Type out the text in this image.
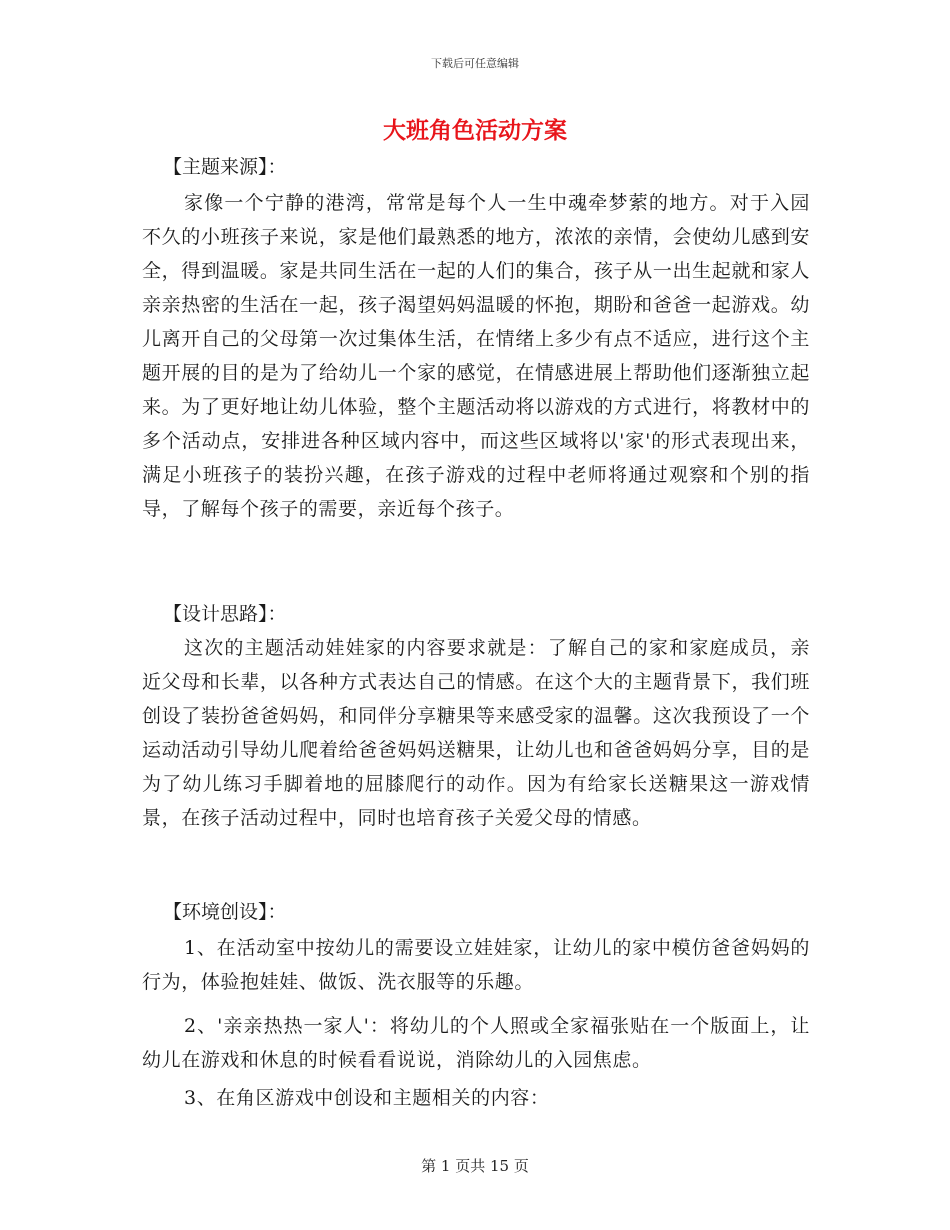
下载后可任意编辑
大班角色活动方案
【主题来源】：

家像一个宁静的港湾，常常是每个人一生中魂牵梦萦的地方。对于入园不久的小班孩子来说，家是他们最熟悉的地方，浓浓的亲情，会使幼儿感到安全，得到温暖。家是共同生活在一起的人们的集合，孩子从一出生起就和家人亲亲热密的生活在一起，孩子渴望妈妈温暖的怀抱，期盼和爸爸一起游戏。幼儿离开自己的父母第一次过集体生活，在情绪上多少有点不适应，进行这个主题开展的目的是为了给幼儿一个家的感觉，在情感进展上帮助他们逐渐独立起来。为了更好地让幼儿体验，整个主题活动将以游戏的方式进行，将教材中的多个活动点，安排进各种区域内容中，而这些区域将以'家'的形式表现出来，满足小班孩子的装扮兴趣，在孩子游戏的过程中老师将通过观察和个别的指导，了解每个孩子的需要，亲近每个孩子。

【设计思路】：

这次的主题活动娃娃家的内容要求就是：了解自己的家和家庭成员，亲近父母和长辈，以各种方式表达自己的情感。在这个大的主题背景下，我们班创设了装扮爸爸妈妈，和同伴分享糖果等来感受家的温馨。这次我预设了一个运动活动引导幼儿爬着给爸爸妈妈送糖果，让幼儿也和爸爸妈妈分享，目的是为了幼儿练习手脚着地的屈膝爬行的动作。因为有给家长送糖果这一游戏情景，在孩子活动过程中，同时也培育孩子关爱父母的情感。

【环境创设】：

1、在活动室中按幼儿的需要设立娃娃家，让幼儿的家中模仿爸爸妈妈的行为，体验抱娃娃、做饭、洗衣服等的乐趣。

2、'亲亲热热一家人'：将幼儿的个人照或全家福张贴在一个版面上，让幼儿在游戏和休息的时候看看说说，消除幼儿的入园焦虑。

3、在角区游戏中创设和主题相关的内容：

第 1 页共 15 页
